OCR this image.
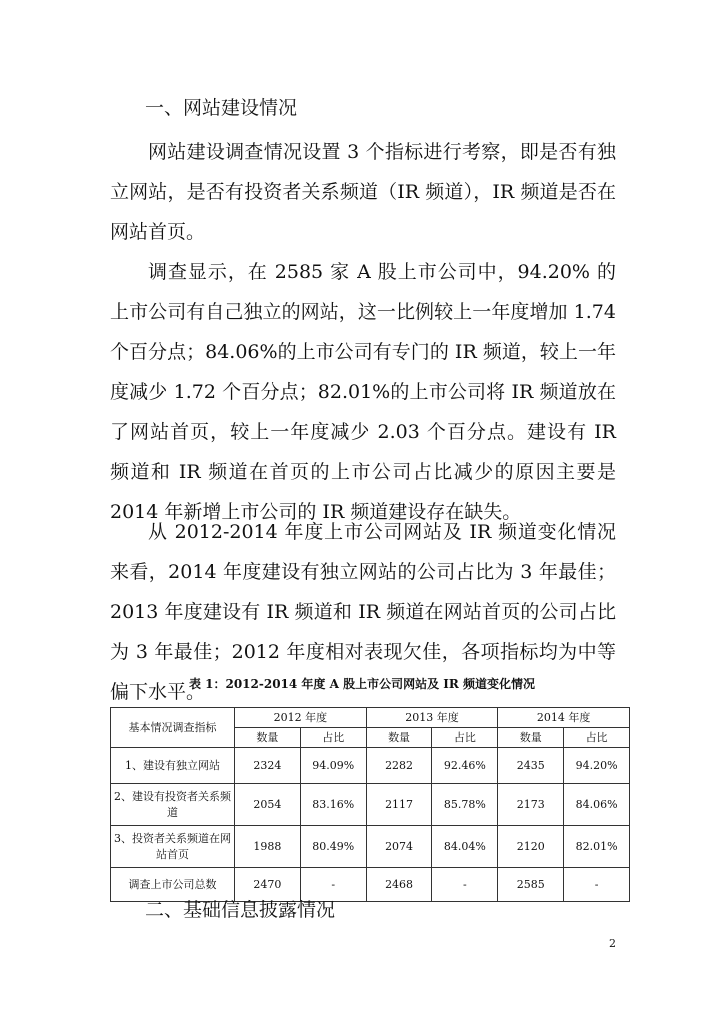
一、网站建设情况

网站建设调查情况设置 3 个指标进行考察，即是否有独立网站，是否有投资者关系频道（IR 频道），IR 频道是否在网站首页。

调查显示，在 2585 家 A 股上市公司中，94.20% 的上市公司有自己独立的网站，这一比例较上一年度增加 1.74 个百分点；84.06%的上市公司有专门的 IR 频道，较上一年度减少 1.72 个百分点；82.01%的上市公司将 IR 频道放在了网站首页，较上一年度减少 2.03 个百分点。建设有 IR 频道和 IR 频道在首页的上市公司占比减少的原因主要是 2014 年新增上市公司的 IR 频道建设存在缺失。

从 2012-2014 年度上市公司网站及 IR 频道变化情况来看，2014 年度建设有独立网站的公司占比为 3 年最佳；2013 年度建设有 IR 频道和 IR 频道在网站首页的公司占比为 3 年最佳；2012 年度相对表现欠佳，各项指标均为中等偏下水平。

表 1：2012-2014 年度 A 股上市公司网站及 IR 频道变化情况
基本情况调查指标	2012 年度		2013 年度		2014 年度	
	数量	占比	数量	占比	数量	占比
1、建设有独立网站	2324	94.09%	2282	92.46%	2435	94.20%
2、建设有投资者关系频道	2054	83.16%	2117	85.78%	2173	84.06%
3、投资者关系频道在网站首页	1988	80.49%	2074	84.04%	2120	82.01%
调查上市公司总数	2470	-	2468	-	2585	-
二、基础信息披露情况
2
